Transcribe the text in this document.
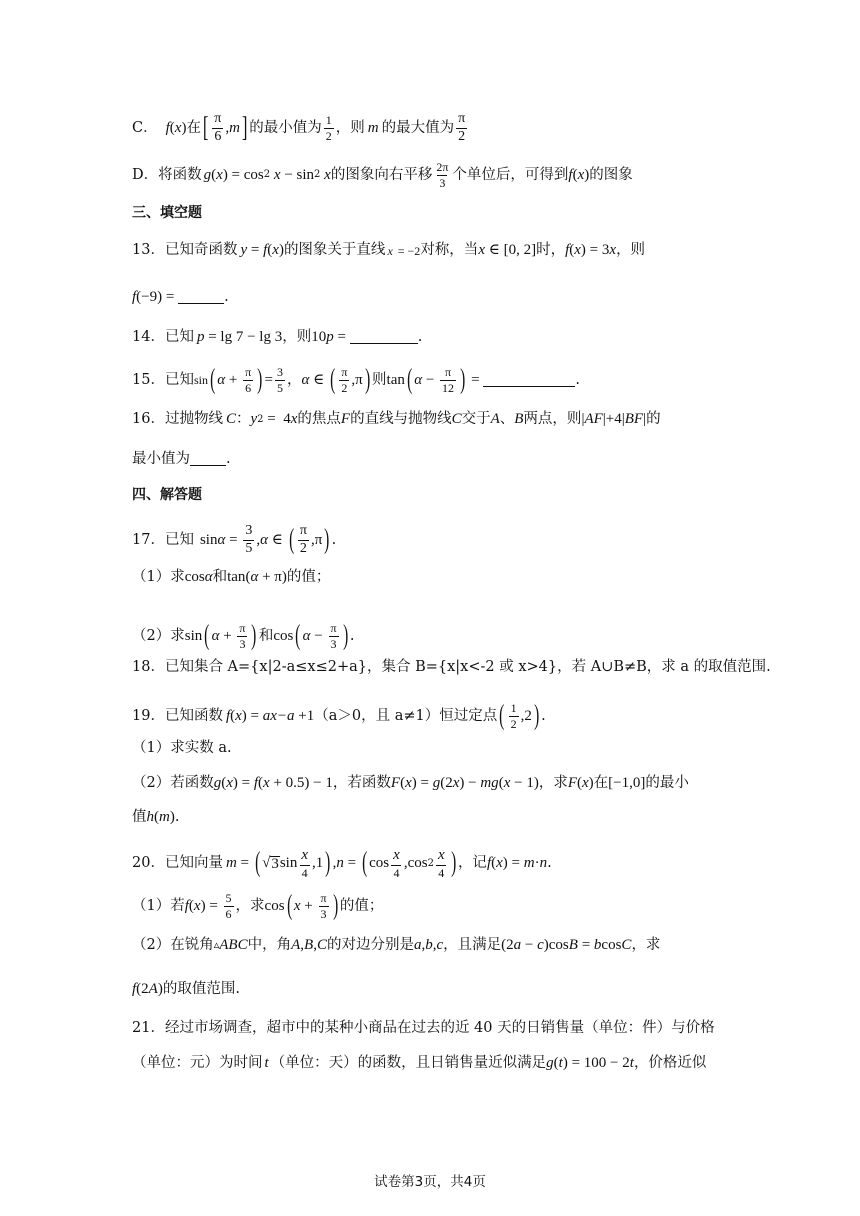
C． f ( x ) 在 [ $\frac{\pi}{6}$ , m ] 的最小值为 $\frac{1}{2}$ ，则 m 的最大值为 $\frac{\pi}{2}$
D．将函数 g ( x ) = cos 2 x − sin 2 x 的图象向右平移 $\frac{2\pi}{3}$ 个单位后，可得到 f ( x ) 的图象
三、填空题
13． 已知奇函数 y = f ( x ) 的图象关于直线 x = −2 对称，当 x ∈ [0, 2] 时， f ( x ) = 3 x ，则
f (−9) =	.
14． 已知 p = lg 7 − lg 3 ，则 10 p =	.
15． 已知 sin ( $\alpha + \frac{\pi}{6}$ ) = $\frac{3}{5}$ ， α ∈ ( $\frac{\pi}{2} ,\pi$ ) 则 tan ( $\alpha - \frac{\pi}{12}$ ) =	.
16． 过抛物线 C ： y 2 =  4 x 的焦点 F 的直线与抛物线 C 交于 A 、 B 两点，则 | AF |+4| BF | 的
最小值为 .
四、解答题
17． 已知 $\sin \alpha = \frac{3}{5}$ , α ∈ ( $\frac{\pi}{2} ,\pi$ ) .
（1）求 cos α 和 tan ( α + π) 的值；
（2）求 sin ( $\alpha + \frac{\pi}{3}$ ) 和 cos ( $\alpha - \frac{\pi}{3}$ ) .
18． 已知集合 A={x|2-a≤x≤2+a}，集合 B={x|x<-2 或 x>4}，若 A∪B≠B，求 a 的取值范围.
19． 已知函数 f ( x ) = a x−a +1 （a＞0，且 a≠1）恒过定点 ( $\frac{1}{2} ,2$ ) .
（1）求实数 a.
（2）若函数 g ( x ) = f ( x + 0.5) − 1 ，若函数 F ( x ) = g (2 x ) − mg ( x − 1) ，求 F ( x ) 在 [−1,0] 的最小
值 h ( m ) .
20． 已知向量 m = ( √ 3 $\sin \frac{x}{4} ,1$ ) , n = ( $\cos \frac{x}{4} ,\cos$ $2 \frac{x}{4}$ ) ，记 f ( x ) = m · n .
（1）若 f ( x ) = $\frac{5}{6}$ ，求 cos ( $x + \frac{\pi}{3}$ ) 的值；
（2）在锐角 ▵ ABC 中，角 A , B , C 的对边分别是 a , b , c ，且满足 (2 a − c )cos B = b cos C ，求
f (2 A ) 的取值范围.
21． 经过市场调查，超市中的某种小商品在过去的近 40 天的日销售量（单位：件）与价格
（单位：元）为时间 t （单位：天）的函数，且日销售量近似满足 g ( t ) = 100 − 2 t ，价格近似
试卷第3页，共4页
